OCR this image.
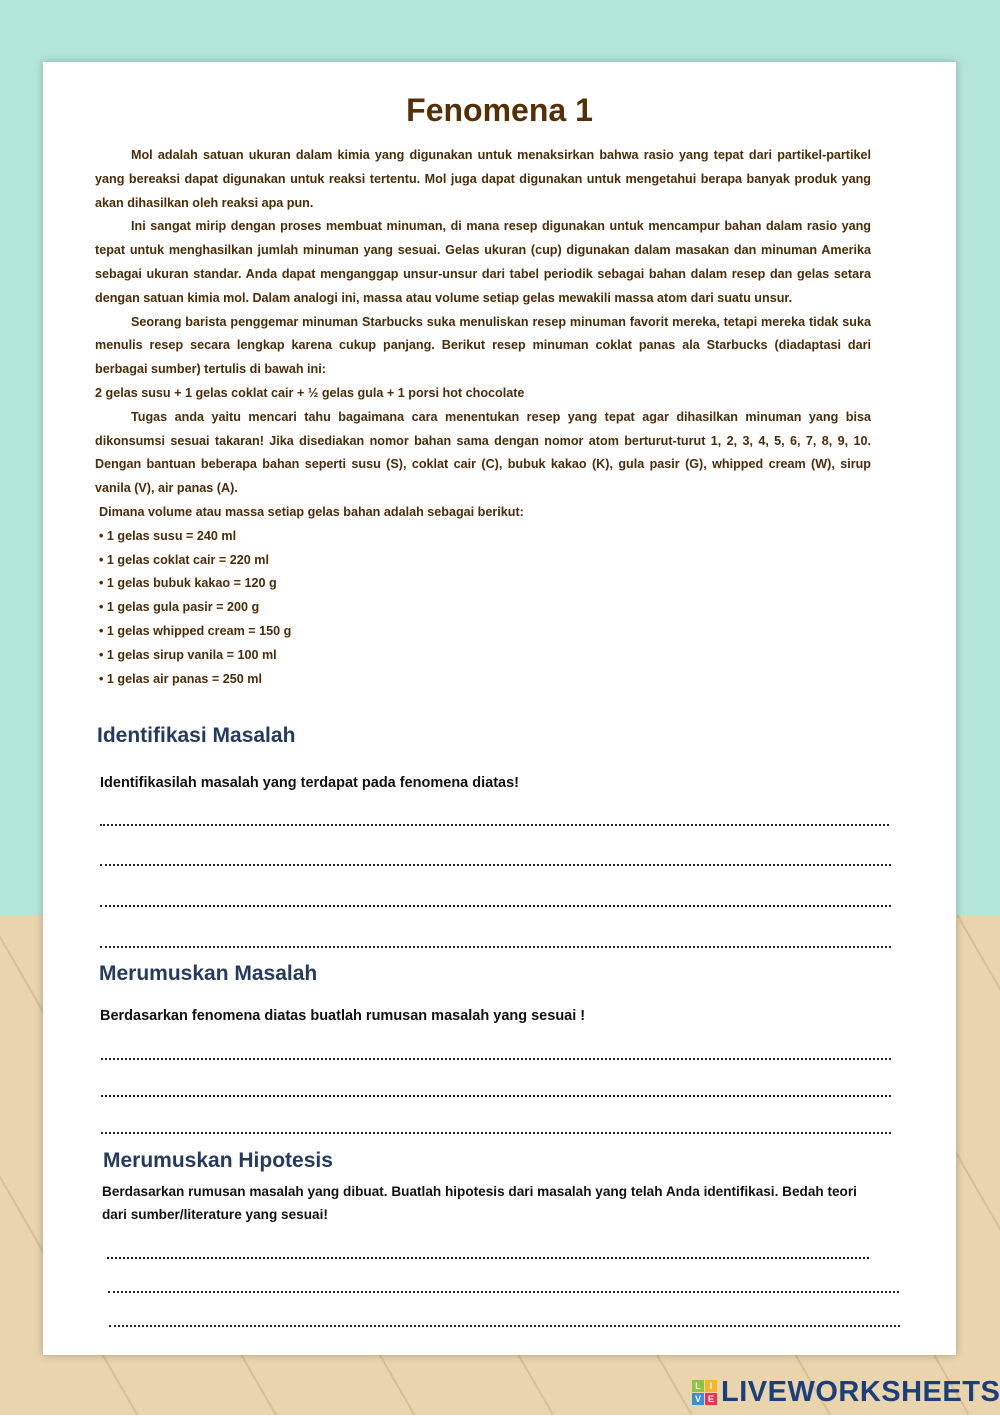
Fenomena 1

Mol adalah satuan ukuran dalam kimia yang digunakan untuk menaksirkan bahwa rasio yang tepat dari partikel-partikel yang bereaksi dapat digunakan untuk reaksi tertentu. Mol juga dapat digunakan untuk mengetahui berapa banyak produk yang akan dihasilkan oleh reaksi apa pun.

Ini sangat mirip dengan proses membuat minuman, di mana resep digunakan untuk mencampur bahan dalam rasio yang tepat untuk menghasilkan jumlah minuman yang sesuai. Gelas ukuran (cup) digunakan dalam masakan dan minuman Amerika sebagai ukuran standar. Anda dapat menganggap unsur-unsur dari tabel periodik sebagai bahan dalam resep dan gelas setara dengan satuan kimia mol. Dalam analogi ini, massa atau volume setiap gelas mewakili massa atom dari suatu unsur.

Seorang barista penggemar minuman Starbucks suka menuliskan resep minuman favorit mereka, tetapi mereka tidak suka menulis resep secara lengkap karena cukup panjang. Berikut resep minuman coklat panas ala Starbucks (diadaptasi dari berbagai sumber) tertulis di bawah ini:

2 gelas susu + 1 gelas coklat cair + ½ gelas gula + 1 porsi hot chocolate

Tugas anda yaitu mencari tahu bagaimana cara menentukan resep yang tepat agar dihasilkan minuman yang bisa dikonsumsi sesuai takaran! Jika disediakan nomor bahan sama dengan nomor atom berturut-turut 1, 2, 3, 4, 5, 6, 7, 8, 9, 10. Dengan bantuan beberapa bahan seperti susu (S), coklat cair (C), bubuk kakao (K), gula pasir (G), whipped cream (W), sirup vanila (V), air panas (A).

Dimana volume atau massa setiap gelas bahan adalah sebagai berikut:

• 1 gelas susu = 240 ml
• 1 gelas coklat cair = 220 ml
• 1 gelas bubuk kakao = 120 g
• 1 gelas gula pasir = 200 g
• 1 gelas whipped cream = 150 g
• 1 gelas sirup vanila = 100 ml
• 1 gelas air panas = 250 ml
Identifikasi Masalah
Identifikasilah masalah yang terdapat pada fenomena diatas!
Merumuskan Masalah
Berdasarkan fenomena diatas buatlah rumusan masalah yang sesuai !
Merumuskan Hipotesis
Berdasarkan rumusan masalah yang dibuat. Buatlah hipotesis dari masalah yang telah Anda identifikasi. Bedah teori dari sumber/literature yang sesuai!
L I
V E LIVEWORKSHEETS
